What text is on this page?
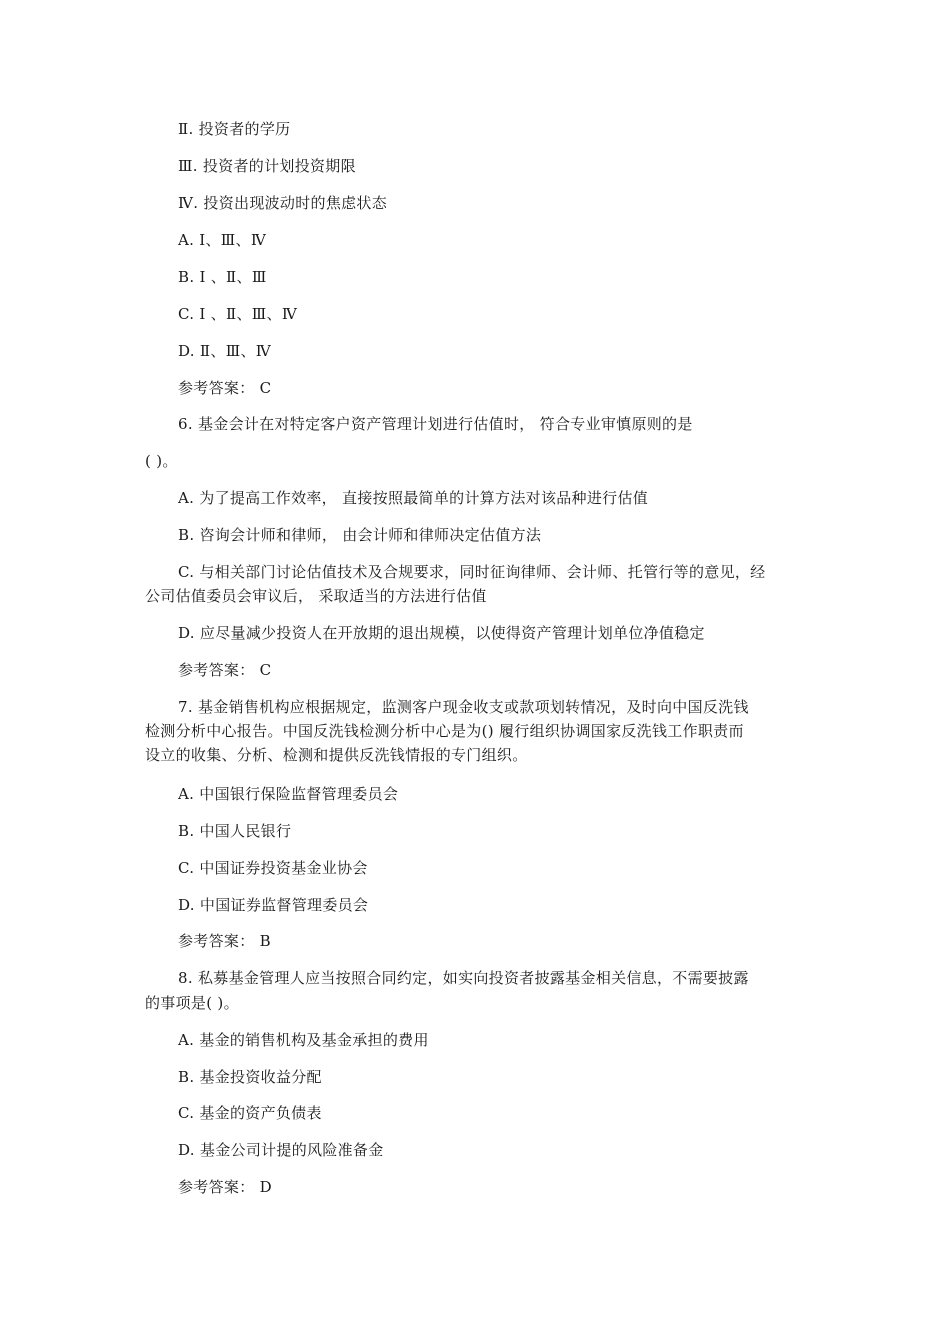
Ⅱ. 投资者的学历
Ⅲ. 投资者的计划投资期限
Ⅳ. 投资出现波动时的焦虑状态
A. Ⅰ、Ⅲ、Ⅳ
B. Ⅰ 、Ⅱ、Ⅲ
C. Ⅰ 、Ⅱ、Ⅲ、Ⅳ
D. Ⅱ、Ⅲ、Ⅳ
参考答案： C
6. 基金会计在对特定客户资产管理计划进行估值时， 符合专业审慎原则的是
( )。
A. 为了提高工作效率， 直接按照最简单的计算方法对该品种进行估值
B. 咨询会计师和律师， 由会计师和律师决定估值方法
C. 与相关部门讨论估值技术及合规要求，同时征询律师、会计师、托管行等的意见，经
公司估值委员会审议后， 采取适当的方法进行估值
D. 应尽量减少投资人在开放期的退出规模，以使得资产管理计划单位净值稳定
参考答案： C
7. 基金销售机构应根据规定，监测客户现金收支或款项划转情况，及时向中国反洗钱
检测分析中心报告。中国反洗钱检测分析中心是为() 履行组织协调国家反洗钱工作职责而
设立的收集、分析、检测和提供反洗钱情报的专门组织。
A. 中国银行保险监督管理委员会
B. 中国人民银行
C. 中国证券投资基金业协会
D. 中国证券监督管理委员会
参考答案： B
8. 私募基金管理人应当按照合同约定，如实向投资者披露基金相关信息，不需要披露
的事项是( )。
A. 基金的销售机构及基金承担的费用
B. 基金投资收益分配
C. 基金的资产负债表
D. 基金公司计提的风险准备金
参考答案： D
